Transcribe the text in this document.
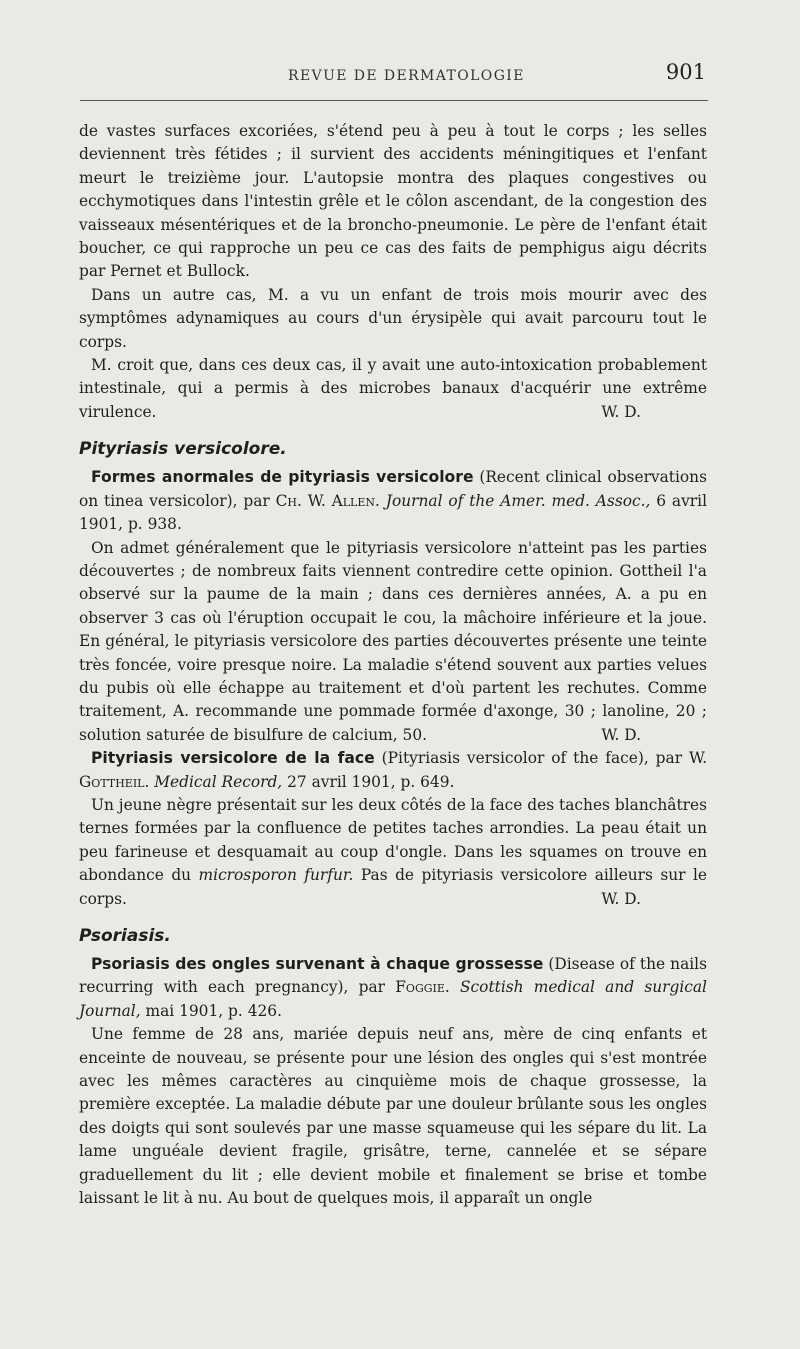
REVUE DE DERMATOLOGIE	901

de vastes surfaces excoriées, s'étend peu à peu à tout le corps ; les selles deviennent très fétides ; il survient des accidents méningitiques et l'enfant meurt le treizième jour. L'autopsie montra des plaques congestives ou ecchymotiques dans l'intestin grêle et le côlon ascendant, de la congestion des vaisseaux mésentériques et de la broncho-pneumonie. Le père de l'enfant était boucher, ce qui rapproche un peu ce cas des faits de pemphigus aigu décrits par Pernet et Bullock.

Dans un autre cas, M. a vu un enfant de trois mois mourir avec des symptômes adynamiques au cours d'un érysipèle qui avait parcouru tout le corps.

M. croit que, dans ces deux cas, il y avait une auto-intoxication probablement intestinale, qui a permis à des microbes banaux d'acquérir une extrême virulence.	W. D.

Pityriasis versicolore.

Formes anormales de pityriasis versicolore (Recent clinical observations on tinea versicolor), par Ch. W. Allen. Journal of the Amer. med. Assoc., 6 avril 1901, p. 938.

On admet généralement que le pityriasis versicolore n'atteint pas les parties découvertes ; de nombreux faits viennent contredire cette opinion. Gottheil l'a observé sur la paume de la main ; dans ces dernières années, A. a pu en observer 3 cas où l'éruption occupait le cou, la mâchoire inférieure et la joue. En général, le pityriasis versicolore des parties découvertes présente une teinte très foncée, voire presque noire. La maladie s'étend souvent aux parties velues du pubis où elle échappe au traitement et d'où partent les rechutes. Comme traitement, A. recommande une pommade formée d'axonge, 30 ; lanoline, 20 ; solution saturée de bisulfure de calcium, 50.	W. D.

Pityriasis versicolore de la face (Pityriasis versicolor of the face), par W. Gottheil. Medical Record, 27 avril 1901, p. 649.

Un jeune nègre présentait sur les deux côtés de la face des taches blanchâtres ternes formées par la confluence de petites taches arrondies. La peau était un peu farineuse et desquamait au coup d'ongle. Dans les squames on trouve en abondance du microsporon furfur. Pas de pityriasis versicolore ailleurs sur le corps.	W. D.

Psoriasis.

Psoriasis des ongles survenant à chaque grossesse (Disease of the nails recurring with each pregnancy), par Foggie. Scottish medical and surgical Journal, mai 1901, p. 426.

Une femme de 28 ans, mariée depuis neuf ans, mère de cinq enfants et enceinte de nouveau, se présente pour une lésion des ongles qui s'est montrée avec les mêmes caractères au cinquième mois de chaque grossesse, la première exceptée. La maladie débute par une douleur brûlante sous les ongles des doigts qui sont soulevés par une masse squameuse qui les sépare du lit. La lame unguéale devient fragile, grisâtre, terne, cannelée et se sépare graduellement du lit ; elle devient mobile et finalement se brise et tombe laissant le lit à nu. Au bout de quelques mois, il apparaît un ongle
